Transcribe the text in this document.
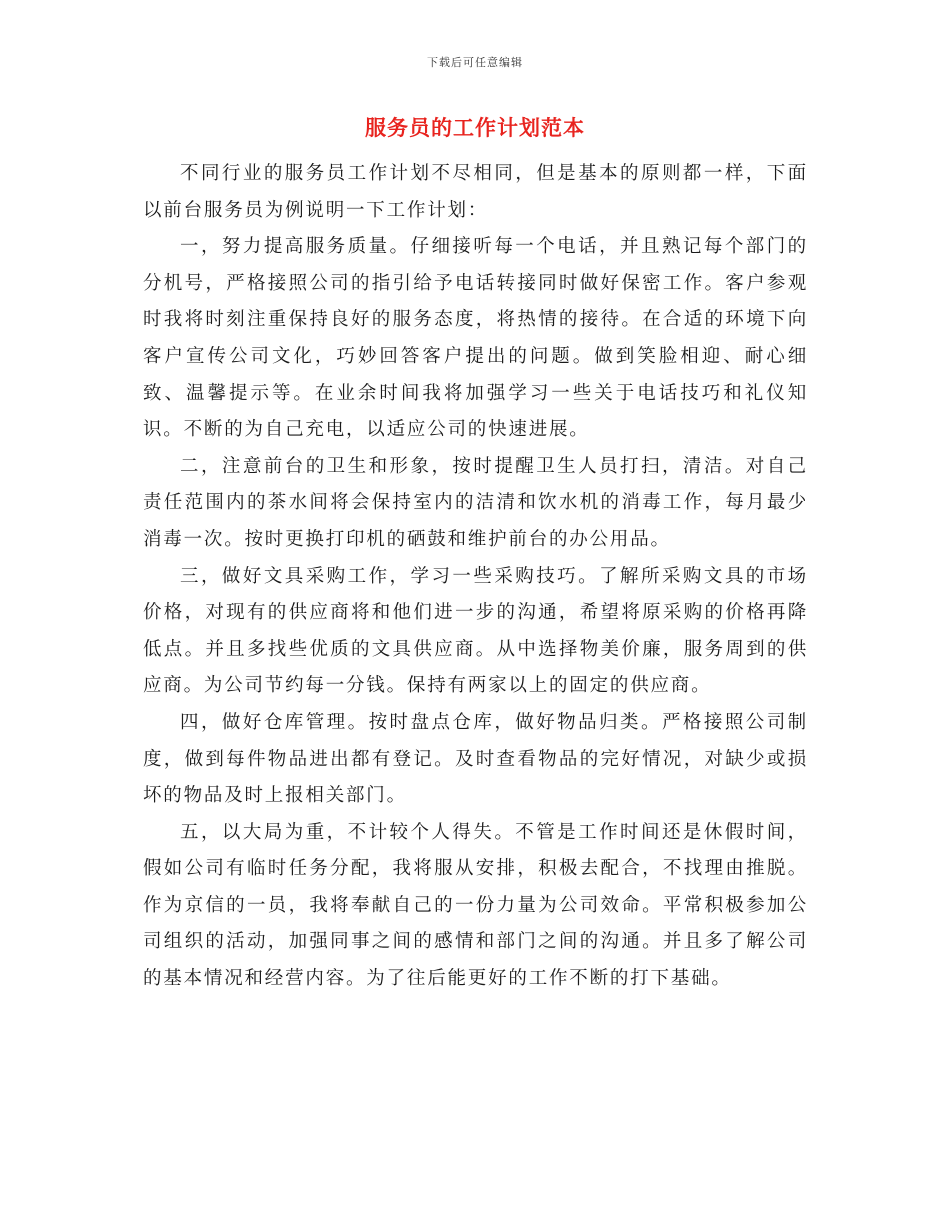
下载后可任意编辑
服务员的工作计划范本

不同行业的服务员工作计划不尽相同，但是基本的原则都一样，下面以前台服务员为例说明一下工作计划：

一，努力提高服务质量。仔细接听每一个电话，并且熟记每个部门的分机号，严格接照公司的指引给予电话转接同时做好保密工作。客户参观时我将时刻注重保持良好的服务态度，将热情的接待。在合适的环境下向客户宣传公司文化，巧妙回答客户提出的问题。做到笑脸相迎、耐心细致、温馨提示等。在业余时间我将加强学习一些关于电话技巧和礼仪知识。不断的为自己充电，以适应公司的快速进展。

二，注意前台的卫生和形象，按时提醒卫生人员打扫，清洁。对自己责任范围内的茶水间将会保持室内的洁清和饮水机的消毒工作，每月最少消毒一次。按时更换打印机的硒鼓和维护前台的办公用品。

三，做好文具采购工作，学习一些采购技巧。了解所采购文具的市场价格，对现有的供应商将和他们进一步的沟通，希望将原采购的价格再降低点。并且多找些优质的文具供应商。从中选择物美价廉，服务周到的供应商。为公司节约每一分钱。保持有两家以上的固定的供应商。

四，做好仓库管理。按时盘点仓库，做好物品归类。严格接照公司制度，做到每件物品进出都有登记。及时查看物品的完好情况，对缺少或损坏的物品及时上报相关部门。

五，以大局为重，不计较个人得失。不管是工作时间还是休假时间，假如公司有临时任务分配，我将服从安排，积极去配合，不找理由推脱。作为京信的一员，我将奉献自己的一份力量为公司效命。平常积极参加公司组织的活动，加强同事之间的感情和部门之间的沟通。并且多了解公司的基本情况和经营内容。为了往后能更好的工作不断的打下基础。
